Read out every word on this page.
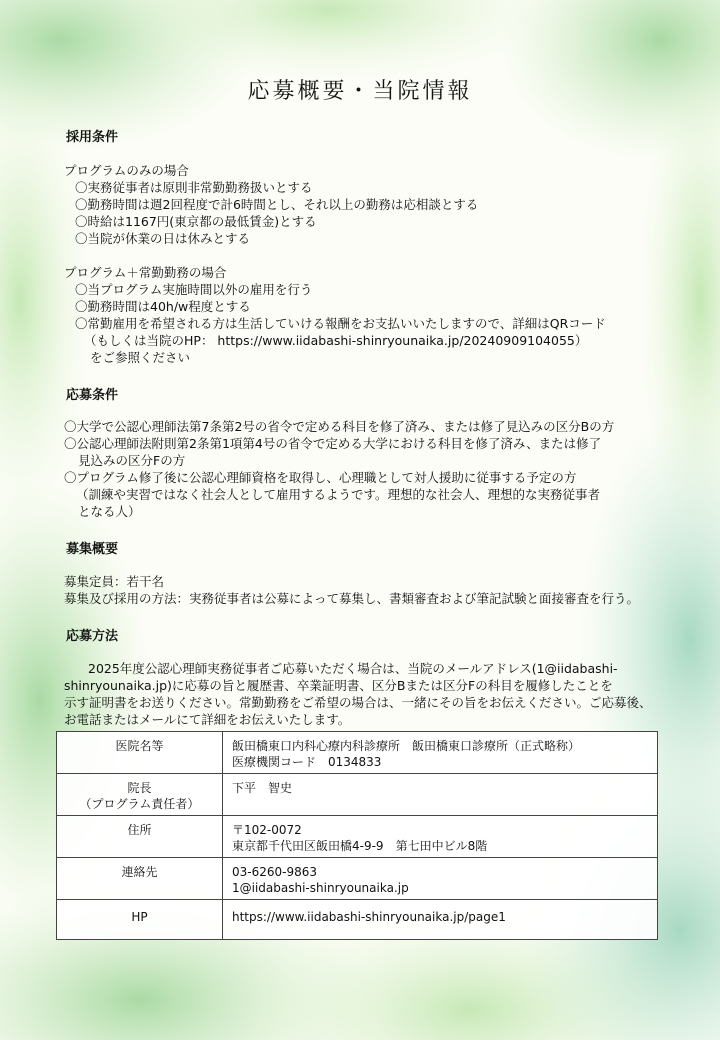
応募概要・当院情報
採用条件
プログラムのみの場合
〇実務従事者は原則非常勤勤務扱いとする
〇勤務時間は週2回程度で計6時間とし、それ以上の勤務は応相談とする
〇時給は1167円(東京都の最低賃金)とする
〇当院が休業の日は休みとする
プログラム＋常勤勤務の場合
〇当プログラム実施時間以外の雇用を行う
〇勤務時間は40h/w程度とする
〇常勤雇用を希望される方は生活していける報酬をお支払いいたしますので、詳細はQRコード
（もしくは当院のHP： https://www.iidabashi-shinryounaika.jp/20240909104055）
をご参照ください
応募条件
〇大学で公認心理師法第7条第2号の省令で定める科目を修了済み、または修了見込みの区分Bの方
〇公認心理師法附則第2条第1項第4号の省令で定める大学における科目を修了済み、または修了
見込みの区分Fの方
〇プログラム修了後に公認心理師資格を取得し、心理職として対人援助に従事する予定の方
（訓練や実習ではなく社会人として雇用するようです。理想的な社会人、理想的な実務従事者
となる人）
募集概要
募集定員：若干名
募集及び採用の方法：実務従事者は公募によって募集し、書類審査および筆記試験と面接審査を行う。
応募方法
2025年度公認心理師実務従事者ご応募いただく場合は、当院のメールアドレス(1@iidabashi-
shinryounaika.jp)に応募の旨と履歴書、卒業証明書、区分Bまたは区分Fの科目を履修したことを
示す証明書をお送りください。常勤勤務をご希望の場合は、一緒にその旨をお伝えください。ご応募後、
お電話またはメールにて詳細をお伝えいたします。
医院名等	飯田橋東口内科心療内科診療所　飯田橋東口診療所（正式略称）
医療機関コード　0134833

院長
（プログラム責任者）	下平　智史

住所	〒102-0072
東京都千代田区飯田橋4-9-9　第七田中ビル8階

連絡先	03-6260-9863
1@iidabashi-shinryounaika.jp

HP	https://www.iidabashi-shinryounaika.jp/page1
